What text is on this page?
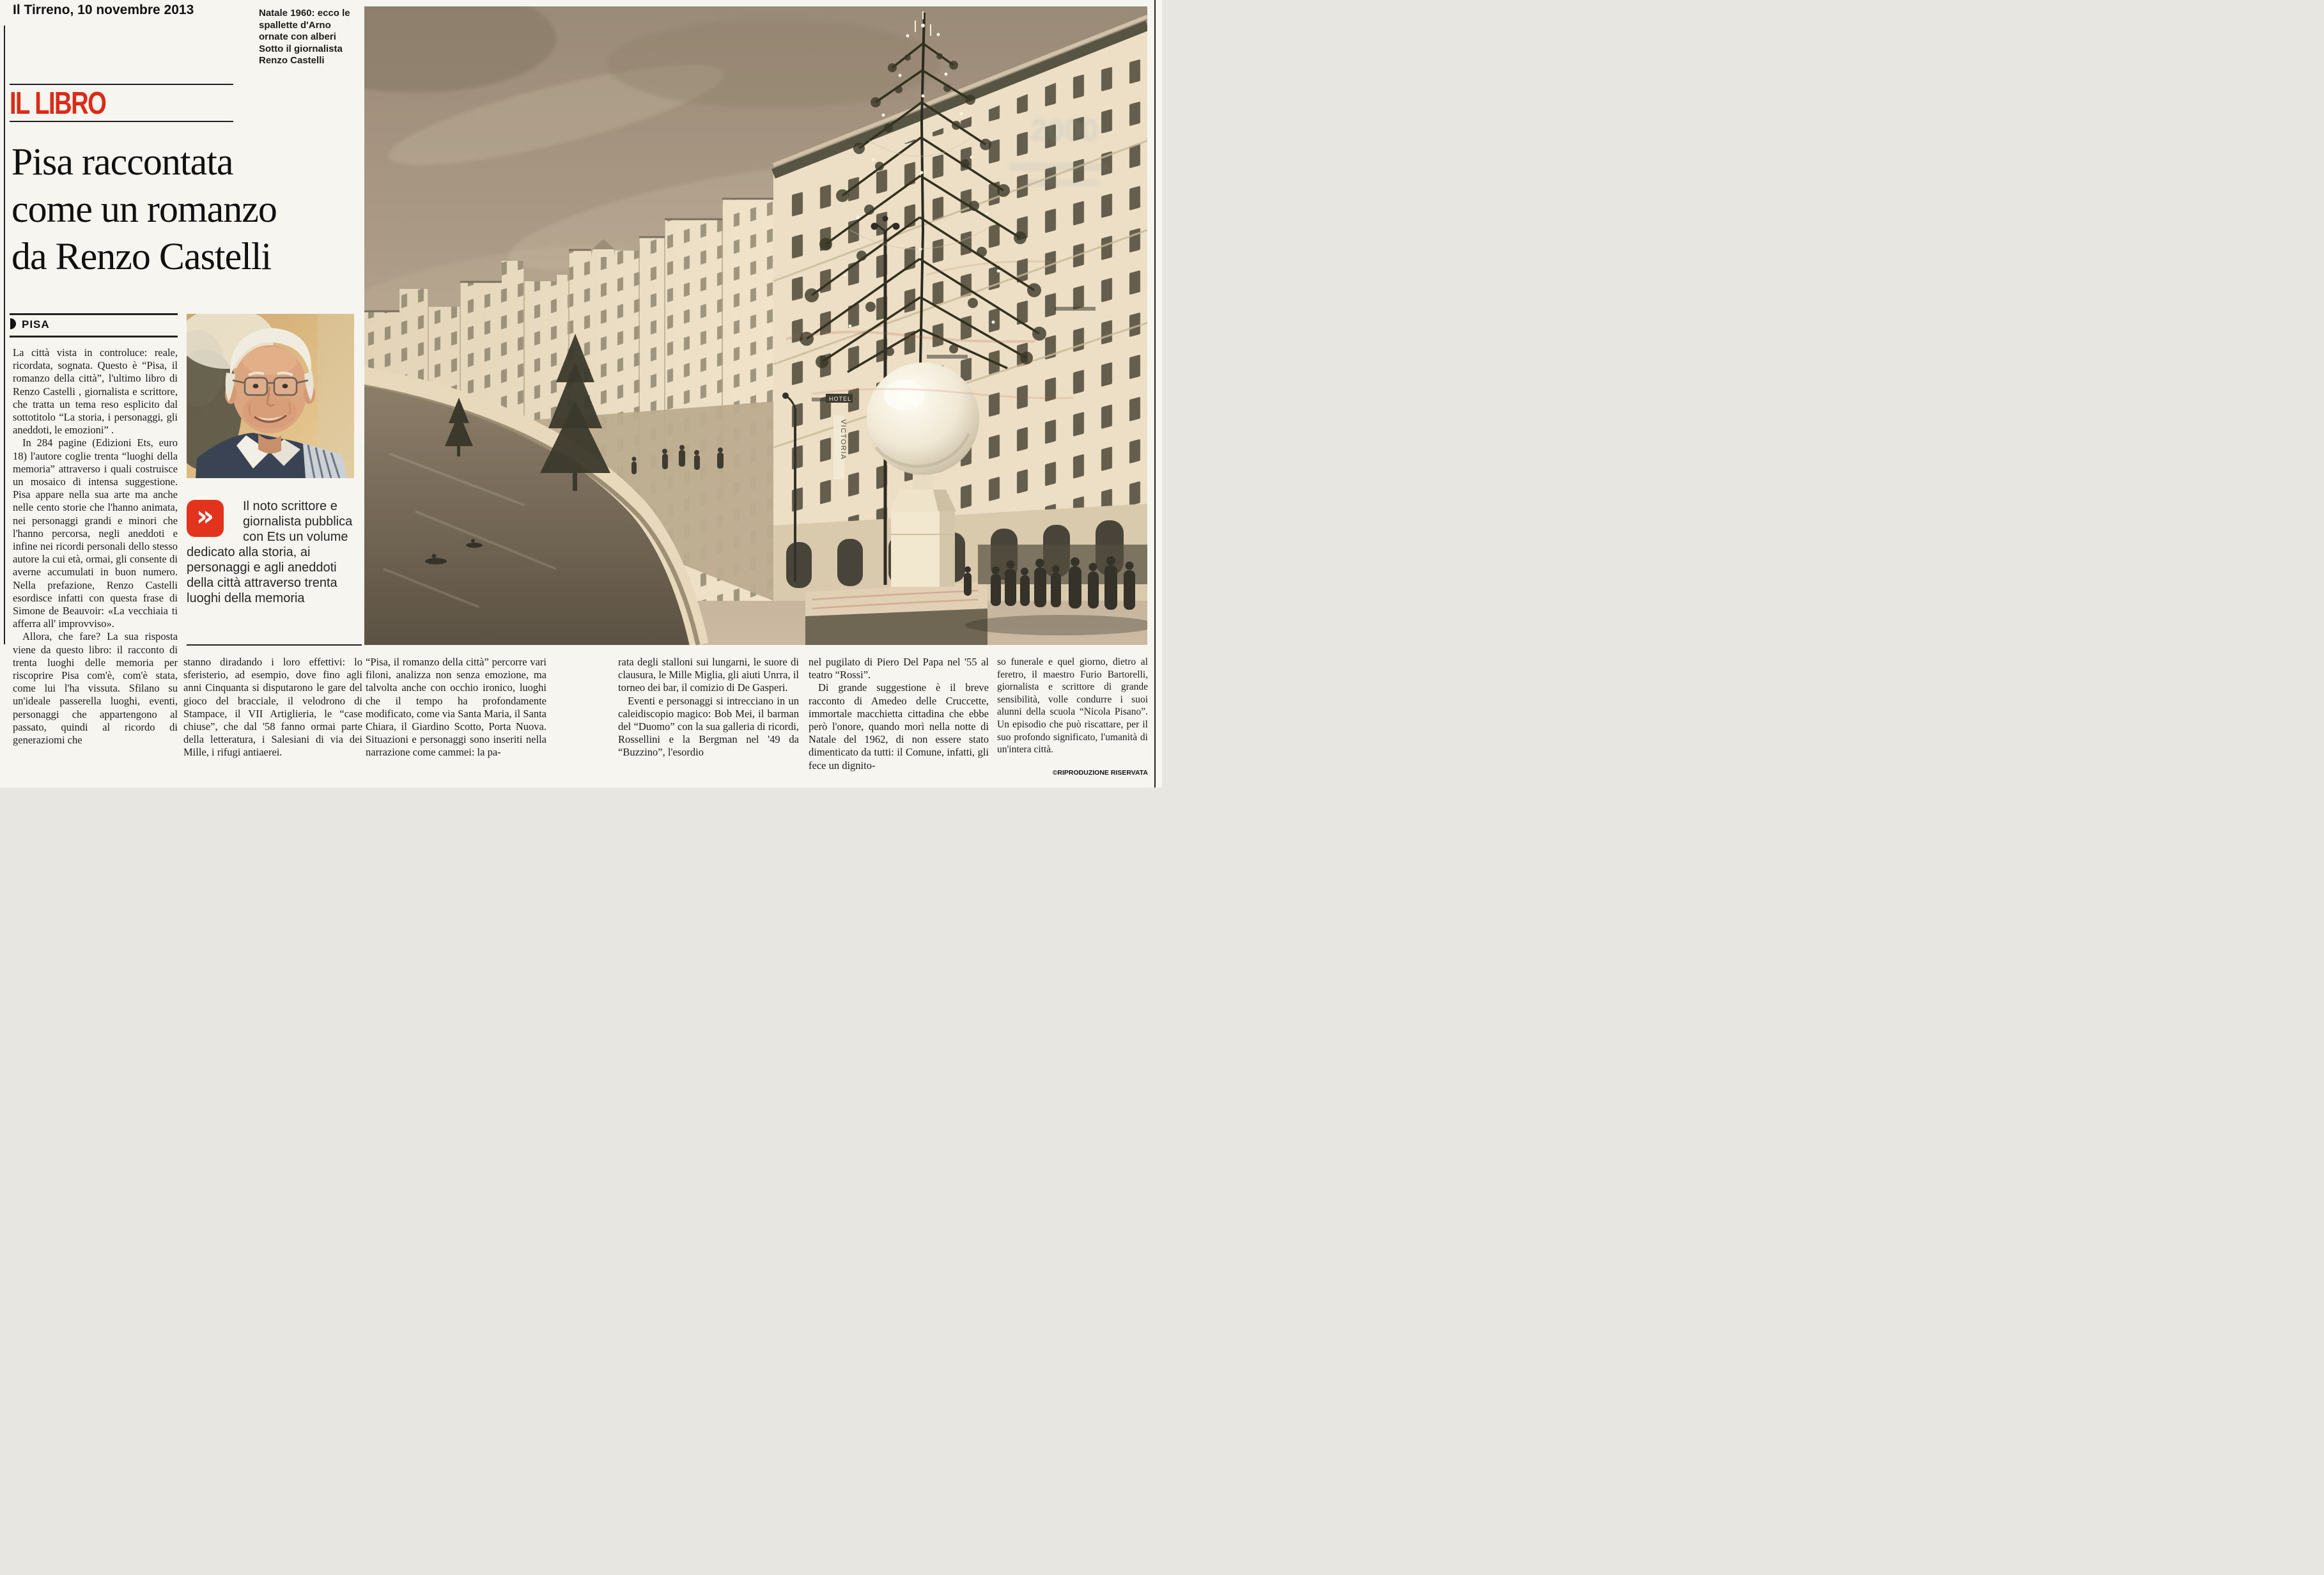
Il Tirreno, 10 novembre 2013	Natale 1960: ecco le spallette d'Arno ornate con alberi Sotto il giornalista Renzo Castelli
IL LIBRO
Pisa raccontata
come un romanzo
da Renzo Castelli
PISA

La città vista in controluce: reale, ricordata, sognata. Questo è “Pisa, il romanzo della città”, l'ultimo libro di Renzo Castelli , giornalista e scrittore, che tratta un tema reso esplicito dal sottotitolo “La storia, i personaggi, gli aneddoti, le emozioni” .

In 284 pagine (Edizioni Ets, euro 18) l'autore coglie trenta “luoghi della memoria” attraverso i quali costruisce un mosaico di intensa suggestione. Pisa appare nella sua arte ma anche nelle cento storie che l'hanno animata, nei personaggi grandi e minori che l'hanno percorsa, negli aneddoti e infine nei ricordi personali dello stesso autore la cui età, ormai, gli consente di averne accumulati in buon numero. Nella prefazione, Renzo Castelli esordisce infatti con questa frase di Simone de Beauvoir: «La vecchiaia ti afferra all' improvviso».

Allora, che fare? La sua risposta viene da questo libro: il racconto di trenta luoghi delle memoria per riscoprire Pisa com'è, com'è stata, come lui l'ha vissuta. Sfilano su un'ideale passerella luoghi, eventi, personaggi che appartengono al passato, quindi al ricordo di generaziomi che

»	Il noto scrittore e giornalista pubblica con Ets un volume dedicato alla storia, ai personaggi e agli aneddoti della città attraverso trenta luoghi della memoria

stanno diradando i loro effettivi: lo sferisterio, ad esempio, dove fino agli anni Cinquanta si disputarono le gare del gioco del bracciale, il velodrono di Stampace, il VII Artiglieria, le “case chiuse”, che dal '58 fanno ormai parte della letteratura, i Salesiani di via dei Mille, i rifugi antiaerei.

“Pisa, il romanzo della città” percorre vari filoni, analizza non senza emozione, ma talvolta anche con occhio ironico, luoghi che il tempo ha profondamente modificato, come via Santa Maria, il Santa Chiara, il Giardino Scotto, Porta Nuova. Situazioni e personaggi sono inseriti nella narrazione come cammei: la pa-

rata degli stalloni sui lungarni, le suore di clausura, le Mille Miglia, gli aiuti Unrra, il torneo dei bar, il comizio di De Gasperi.

Eventi e personaggi si intrecciano in un caleidiscopio magico: Bob Mei, il barman del “Duomo” con la sua galleria di ricordi, Rossellini e la Bergman nel '49 da “Buzzino”, l'esordio

nel pugilato di Piero Del Papa nel '55 al teatro “Rossi”.

Di grande suggestione è il breve racconto di Amedeo delle Cruccette, immortale macchietta cittadina che ebbe però l'onore, quando morì nella notte di Natale del 1962, di non essere stato dimenticato da tutti: il Comune, infatti, gli fece un dignito-

so funerale e quel giorno, dietro al feretro, il maestro Furio Bartorelli, giornalista e scrittore di grande sensibilità, volle condurre i suoi alunni della scuola “Nicola Pisano”. Un episodio che può riscattare, per il suo profondo significato, l'umanità di un'intera città.

©RIPRODUZIONE RISERVATA
VICTORIA
HOTEL
2000
